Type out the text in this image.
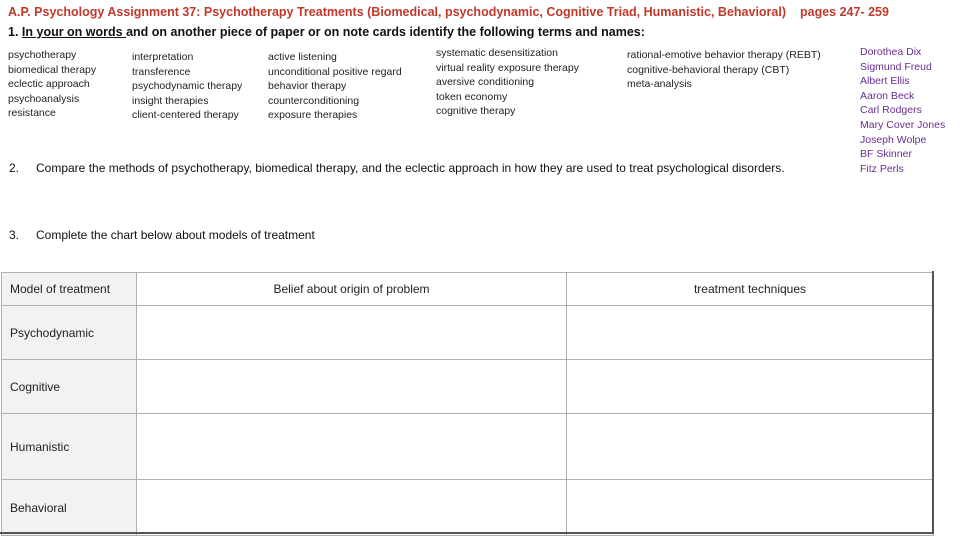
A.P. Psychology Assignment 37: Psychotherapy Treatments (Biomedical, psychodynamic, Cognitive Triad, Humanistic, Behavioral) pages 247- 259
1. In your on words and on another piece of paper or on note cards identify the following terms and names:
psychotherapy
biomedical therapy
eclectic approach
psychoanalysis
resistance
interpretation
transference
psychodynamic therapy
insight therapies
client-centered therapy
active listening
unconditional positive regard
behavior therapy
counterconditioning
exposure therapies
systematic desensitization
virtual reality exposure therapy
aversive conditioning
token economy
cognitive therapy
rational-emotive behavior therapy (REBT)
cognitive-behavioral therapy (CBT)
meta-analysis
Dorothea Dix
Sigmund Freud
Albert Ellis
Aaron Beck
Carl Rodgers
Mary Cover Jones
Joseph Wolpe
BF Skinner
Fitz Perls
2. Compare the methods of psychotherapy, biomedical therapy, and the eclectic approach in how they are used to treat psychological disorders.
3. Complete the chart below about models of treatment
Model of treatment	Belief about origin of problem	treatment techniques
Psychodynamic		
Cognitive		
Humanistic		
Behavioral		
